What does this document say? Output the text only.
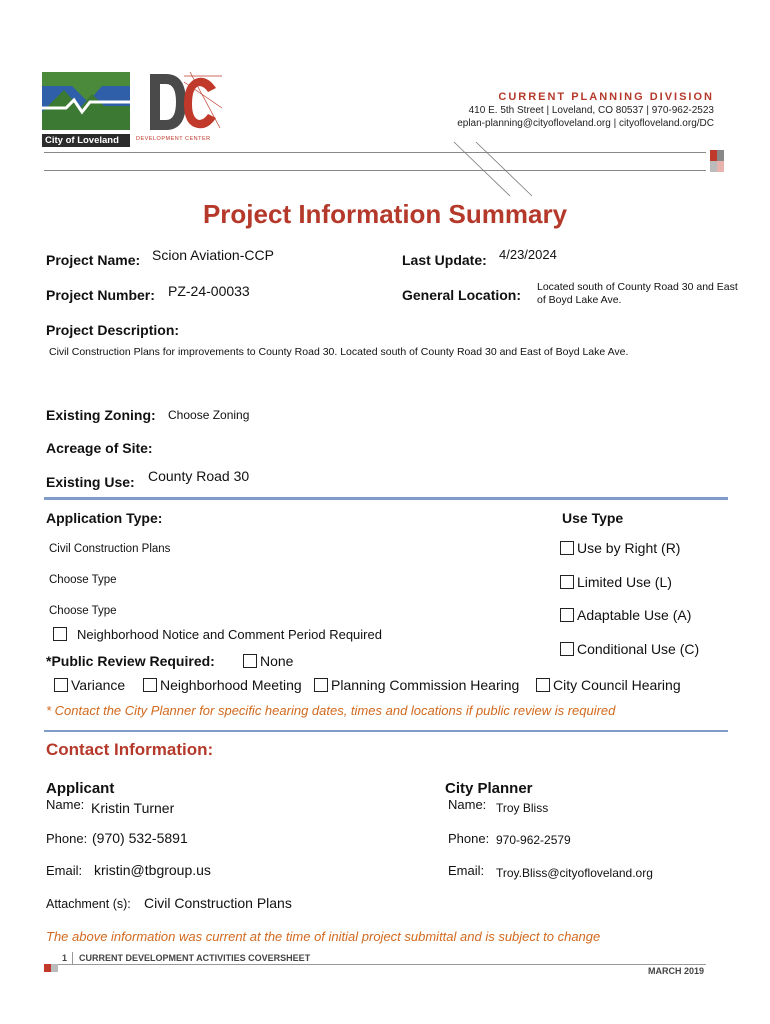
City of Loveland	DEVELOPMENT CENTER
CURRENT PLANNING DIVISION
410 E. 5th Street | Loveland, CO 80537 | 970-962-2523
eplan-planning@cityofloveland.org | cityofloveland.org/DC
Project Information Summary
Project Name: Scion Aviation-CCP	Last Update: 4/23/2024
Project Number: PZ-24-00033	General Location: Located south of County Road 30 and East
of Boyd Lake Ave.
Project Description:
Civil Construction Plans for improvements to County Road 30. Located south of County Road 30 and East of Boyd Lake Ave.
Existing Zoning: Choose Zoning
Acreage of Site:
Existing Use: County Road 30
Application Type:	Use Type
Civil Construction Plans
Choose Type
Choose Type
Use by Right (R)
Limited Use (L)
Adaptable Use (A)
Conditional Use (C)
Neighborhood Notice and Comment Period Required
*Public Review Required:	None
Variance	Neighborhood Meeting	Planning Commission Hearing	City Council Hearing
* Contact the City Planner for specific hearing dates, times and locations if public review is required
Contact Information:
Applicant	City Planner
Name: Kristin Turner	Name: Troy Bliss
Phone: (970) 532-5891	Phone: 970-962-2579
Email: kristin@tbgroup.us	Email: Troy.Bliss@cityofloveland.org
Attachment (s): Civil Construction Plans
The above information was current at the time of initial project submittal and is subject to change
1 CURRENT DEVELOPMENT ACTIVITIES COVERSHEET
MARCH 2019
